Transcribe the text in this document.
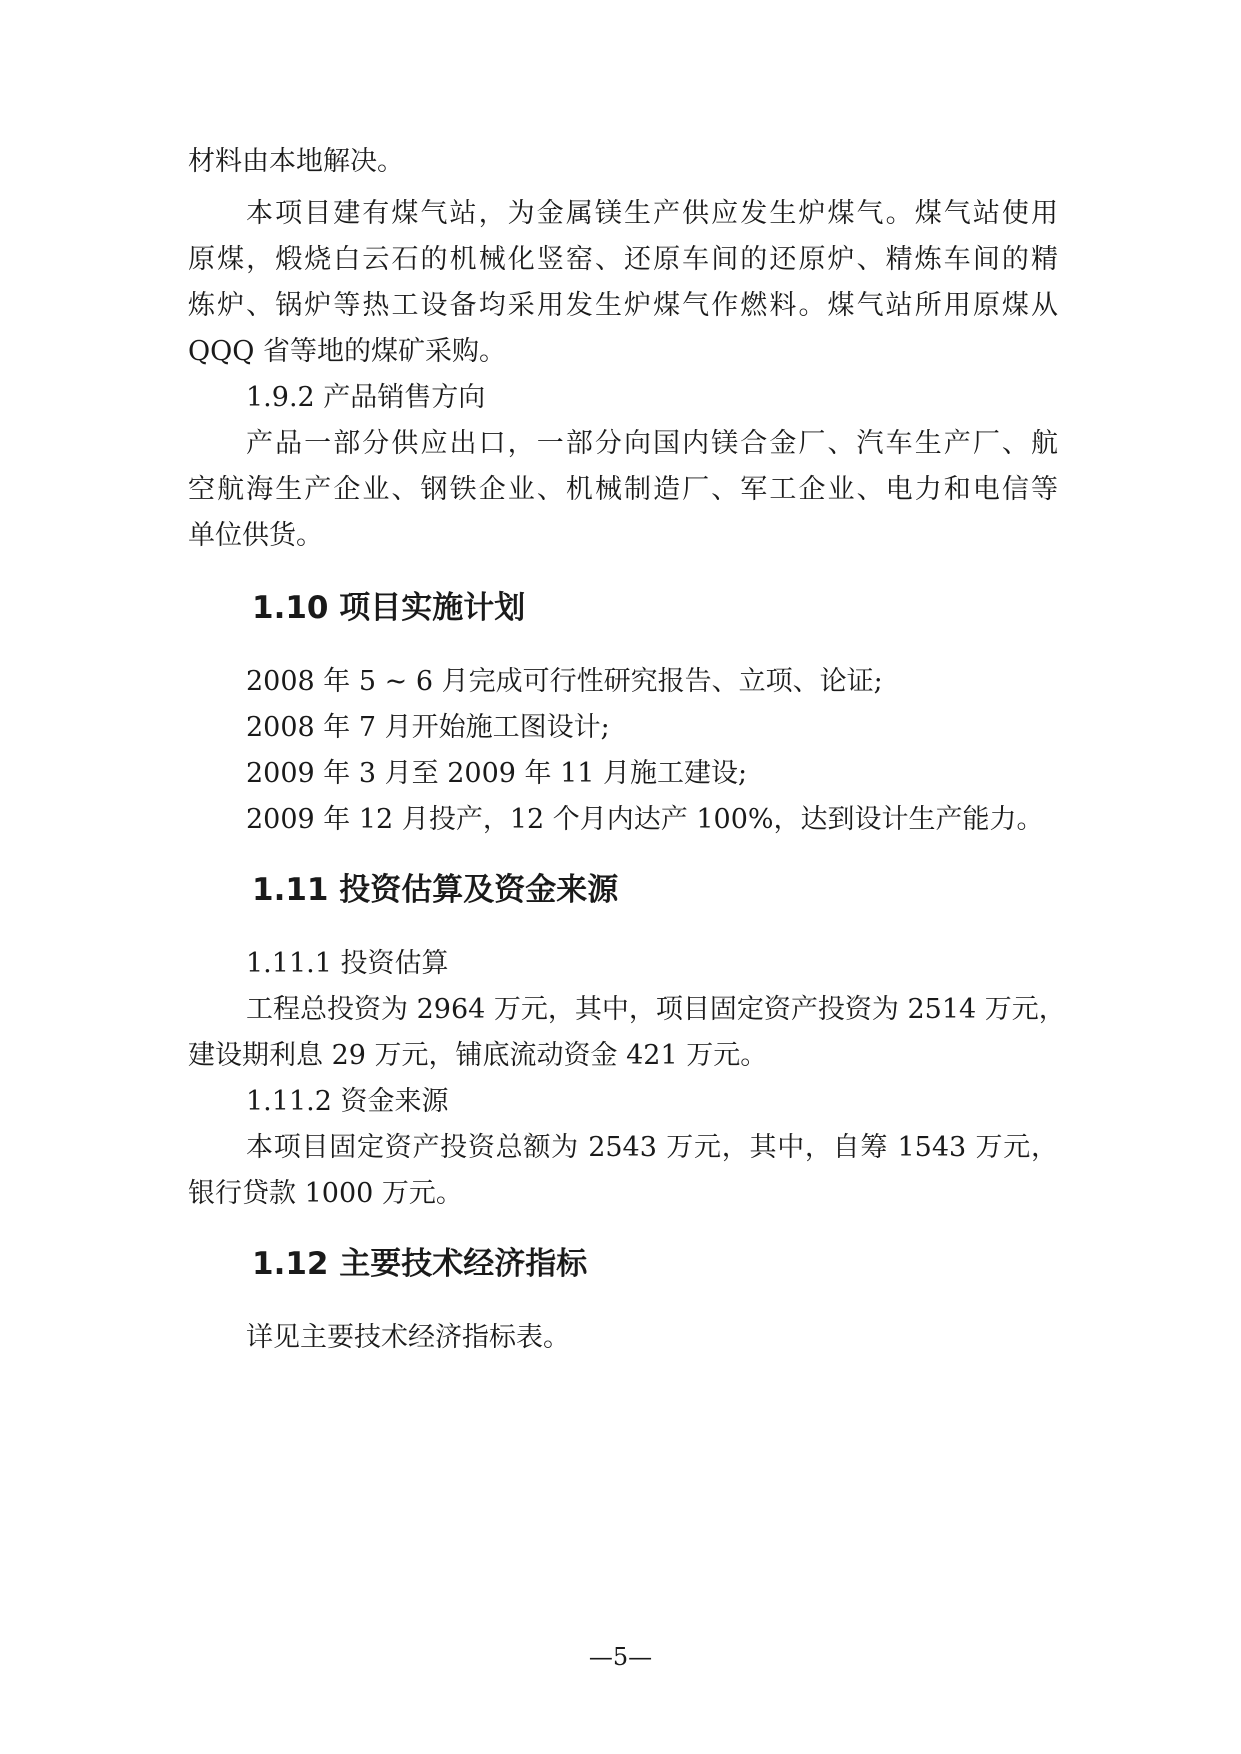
材料由本地解决。
本项目建有煤气站，为金属镁生产供应发生炉煤气。煤气站使用
原煤，煅烧白云石的机械化竖窑、还原车间的还原炉、精炼车间的精
炼炉、锅炉等热工设备均采用发生炉煤气作燃料。煤气站所用原煤从
QQQ 省等地的煤矿采购。
1.9.2 产品销售方向
产品一部分供应出口，一部分向国内镁合金厂、汽车生产厂、航
空航海生产企业、钢铁企业、机械制造厂、军工企业、电力和电信等
单位供货。
1.10 项目实施计划
2008 年 5 ~ 6 月完成可行性研究报告、立项、论证;
2008 年 7 月开始施工图设计;
2009 年 3 月至 2009 年 11 月施工建设;
2009 年 12 月投产，12 个月内达产 100%，达到设计生产能力。
1.11 投资估算及资金来源
1.11.1 投资估算
工程总投资为 2964 万元，其中，项目固定资产投资为 2514 万元，
建设期利息 29 万元，铺底流动资金 421 万元。
1.11.2 资金来源
本项目固定资产投资总额为 2543 万元，其中，自筹 1543 万元，
银行贷款 1000 万元。
1.12 主要技术经济指标
详见主要技术经济指标表。
—5—
